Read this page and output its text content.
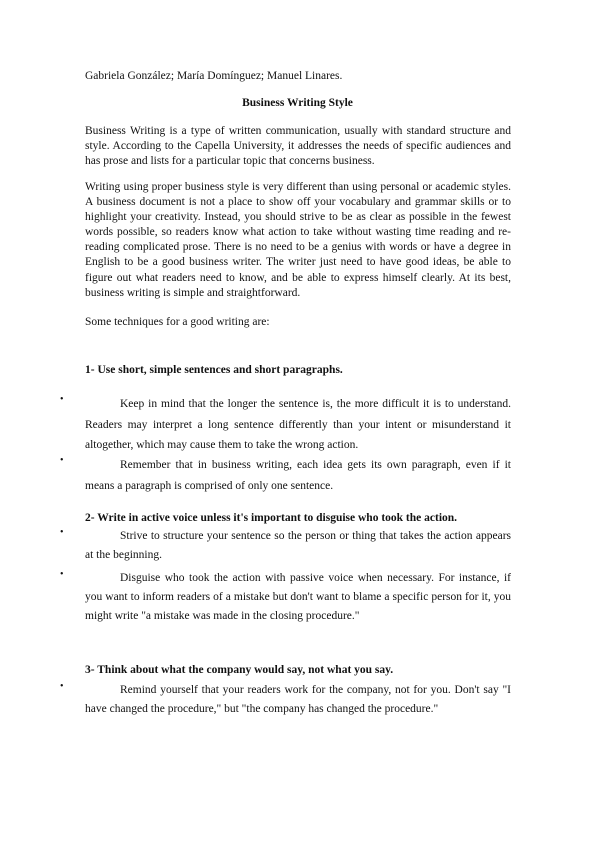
Gabriela González; María Domínguez; Manuel Linares.
Business Writing Style
Business Writing is a type of written communication, usually with standard structure and style. According to the Capella University, it addresses the needs of specific audiences and has prose and lists for a particular topic that concerns business.
Writing using proper business style is very different than using personal or academic styles. A business document is not a place to show off your vocabulary and grammar skills or to highlight your creativity. Instead, you should strive to be as clear as possible in the fewest words possible, so readers know what action to take without wasting time reading and re-reading complicated prose. There is no need to be a genius with words or have a degree in English to be a good business writer. The writer just need to have good ideas, be able to figure out what readers need to know, and be able to express himself clearly. At its best, business writing is simple and straightforward.
Some techniques for a good writing are:
1- Use short, simple sentences and short paragraphs.
•	Keep in mind that the longer the sentence is, the more difficult it is to understand. Readers may interpret a long sentence differently than your intent or misunderstand it altogether, which may cause them to take the wrong action.
•	Remember that in business writing, each idea gets its own paragraph, even if it means a paragraph is comprised of only one sentence.
2- Write in active voice unless it's important to disguise who took the action.
•	Strive to structure your sentence so the person or thing that takes the action appears at the beginning.
•	Disguise who took the action with passive voice when necessary. For instance, if you want to inform readers of a mistake but don't want to blame a specific person for it, you might write "a mistake was made in the closing procedure."
3- Think about what the company would say, not what you say.
•	Remind yourself that your readers work for the company, not for you. Don't say "I have changed the procedure," but "the company has changed the procedure."
